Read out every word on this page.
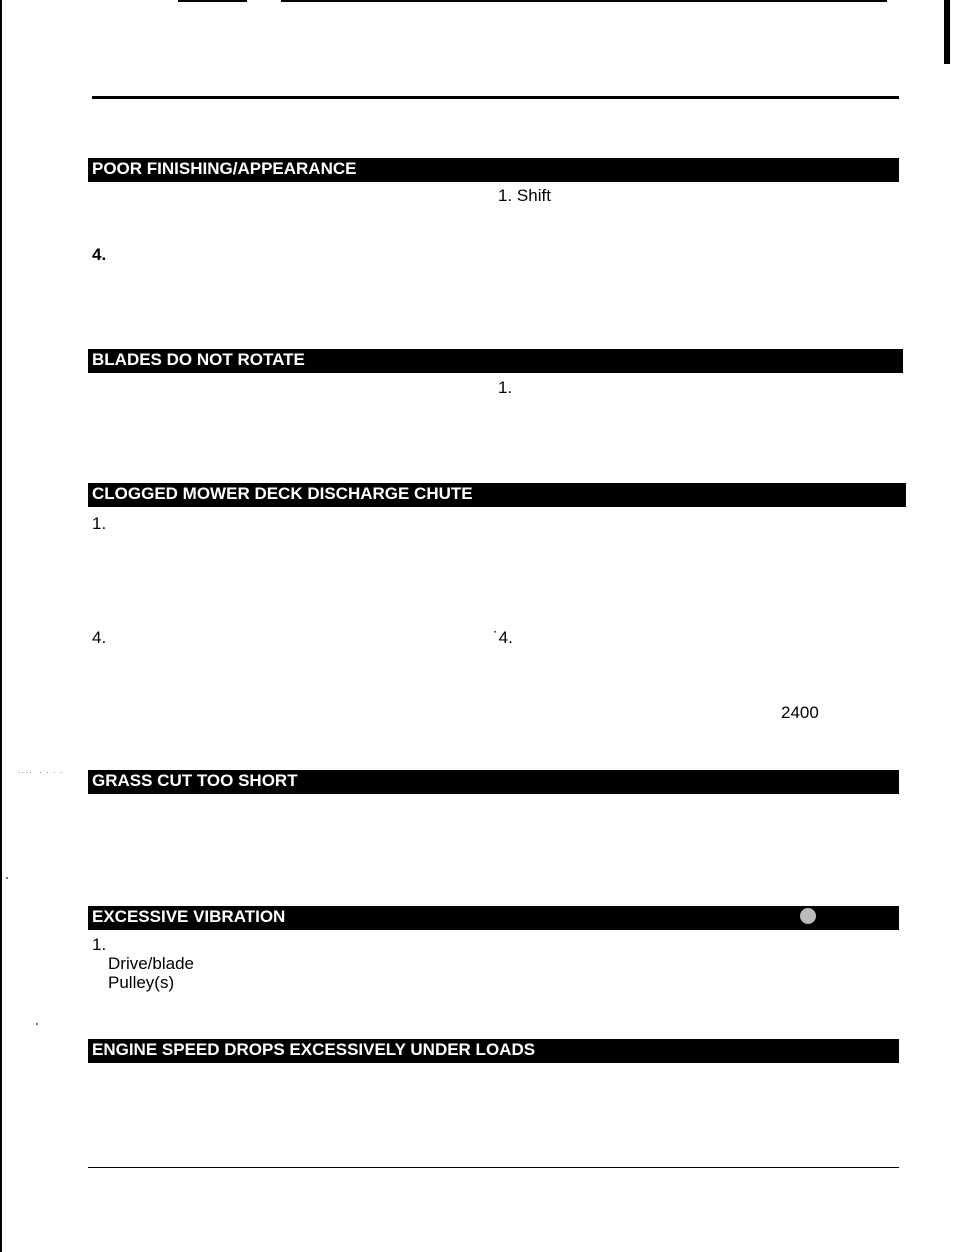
POOR FINISHING/APPEARANCE
1. Shift
4.
BLADES DO NOT ROTATE
1.
CLOGGED MOWER DECK DISCHARGE CHUTE
1.
4.	˙4.
2400
····  · · · · GRASS CUT TOO SHORT
EXCESSIVE VIBRATION
1.
Drive/blade
Pulley(s)
ENGINE SPEED DROPS EXCESSIVELY UNDER LOADS
